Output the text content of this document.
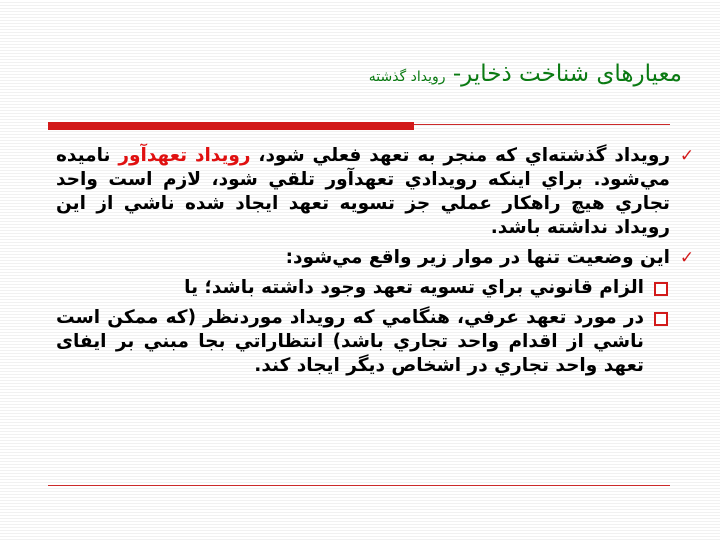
معیارهای شناخت ذخایر- رویداد گذشته
✓
رويداد گذشته‌اي که منجر به تعهد فعلي شود، رويداد تعهدآور ناميده مي‌شود. براي اينکه رويدادي تعهدآور تلقي شود، لازم است واحد تجاري هيچ راهکار عملي جز تسويه تعهد ايجاد شده ناشي از اين رويداد نداشته باشد.
✓
اين وضعيت تنها در موار زير واقع مي‌شود:
الزام قانوني براي تسويه تعهد وجود داشته باشد؛ يا
در مورد تعهد عرفي، هنگامي که رويداد موردنظر (که ممکن است ناشي از اقدام واحد تجاري باشد) انتظاراتي بجا مبني بر ایفای تعهد واحد تجاري در اشخاص ديگر ايجاد کند.
